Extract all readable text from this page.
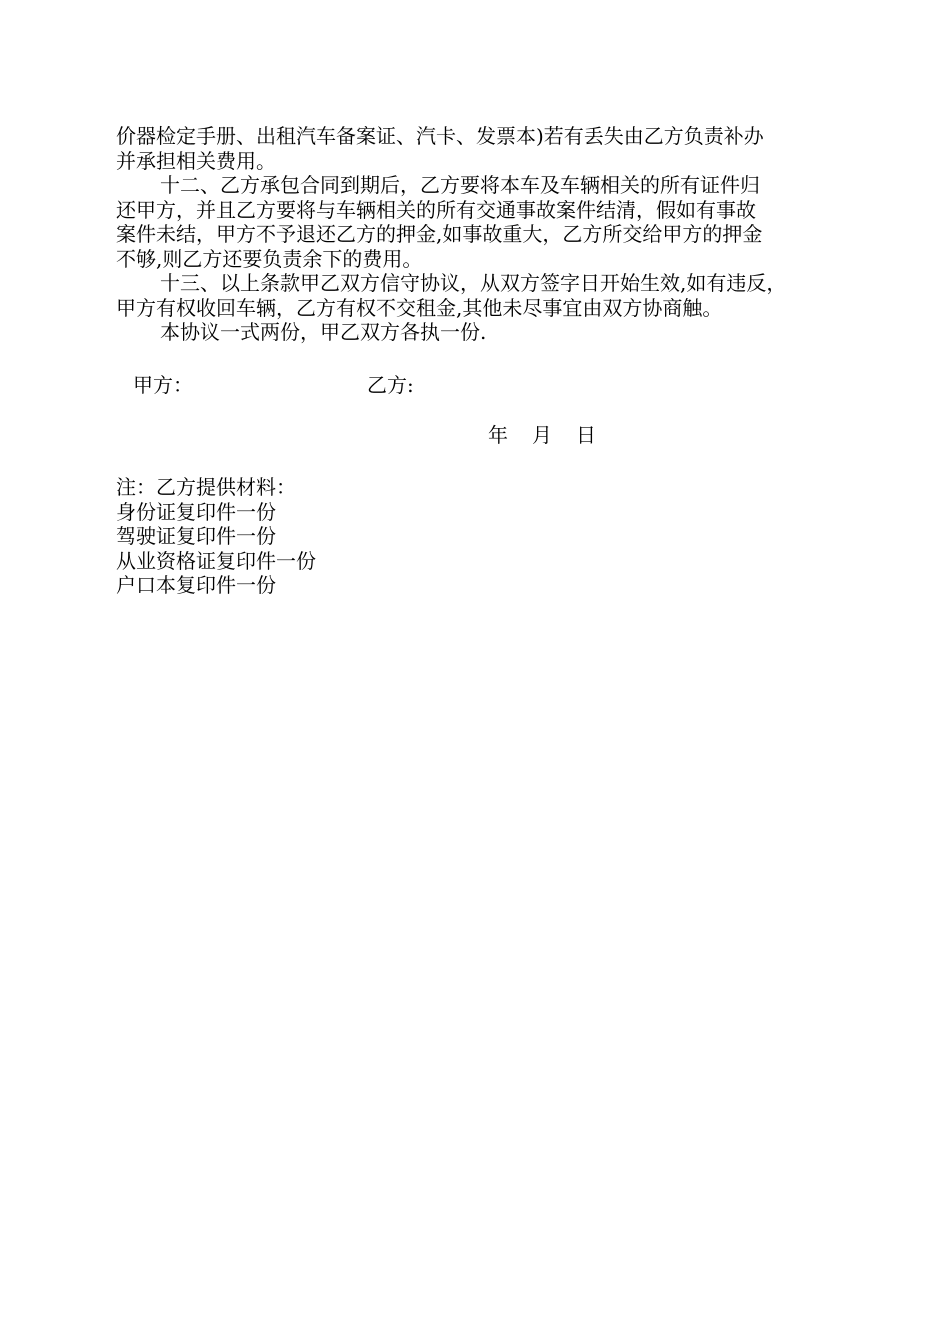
价器检定手册、出租汽车备案证、汽卡、发票本)若有丢失由乙方负责补办
并承担相关费用。
十二、乙方承包合同到期后，乙方要将本车及车辆相关的所有证件归
还甲方，并且乙方要将与车辆相关的所有交通事故案件结清，假如有事故
案件未结，甲方不予退还乙方的押金,如事故重大，乙方所交给甲方的押金
不够,则乙方还要负责余下的费用。
十三、以上条款甲乙双方信守协议，从双方签字日开始生效,如有违反，
甲方有权收回车辆，乙方有权不交租金,其他未尽事宜由双方协商触。
本协议一式两份，甲乙双方各执一份.
甲方：	乙方:
年 月 日
注：乙方提供材料：
身份证复印件一份
驾驶证复印件一份
从业资格证复印件一份
户口本复印件一份
